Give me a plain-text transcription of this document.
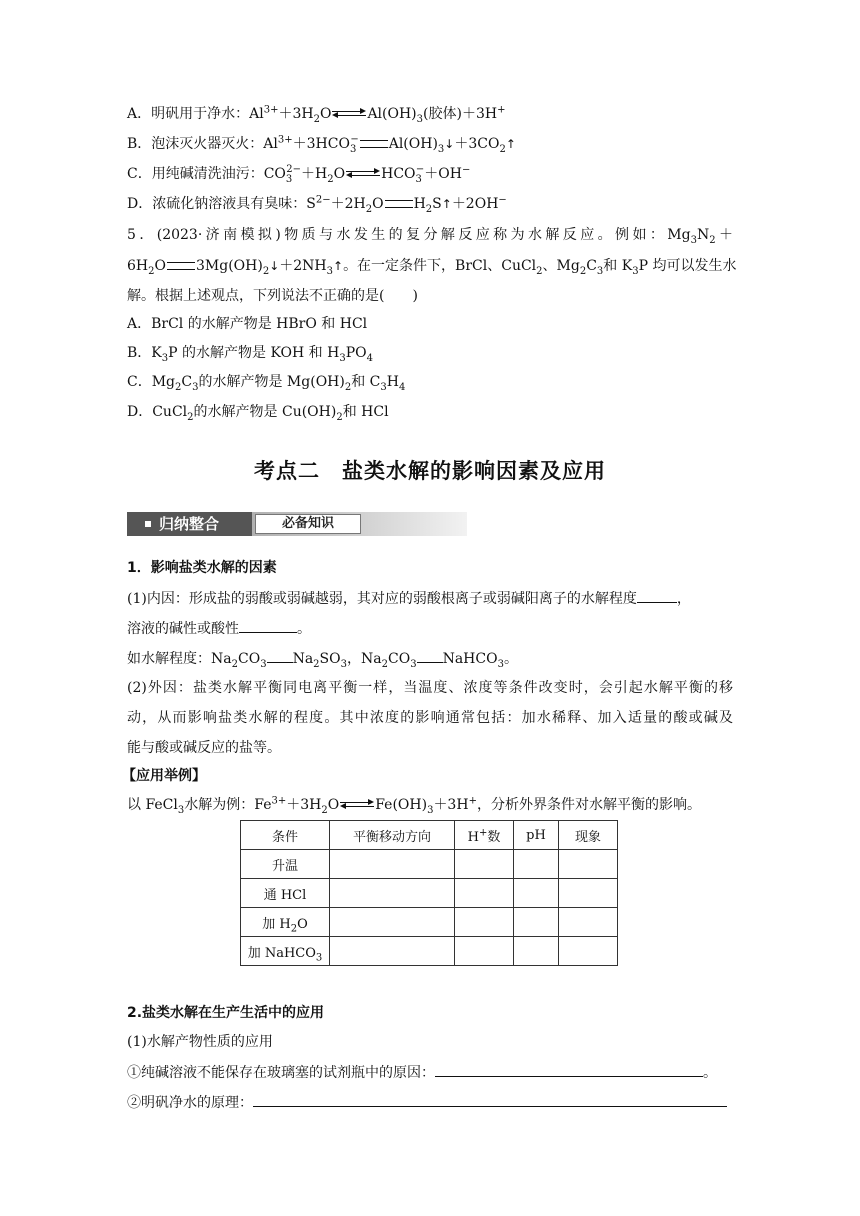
A．明矾用于净水：$Al^{3+}+3H_2O$	$Al(OH)_3$(胶体)＋3H+
B．泡沫灭火器灭火：$Al^{3+}+3HCO_3^-$ $Al(OH)_3↓+3CO_2↑$
C．用纯碱清洗油污：$CO_3^{2-}+H_2O$	$HCO_3^-+OH^-$
D．浓硫化钠溶液具有臭味：$S^{2-}+2H_2O$ $H_2S↑+2OH^-$
5．(2023·济南模拟)物质与水发生的复分解反应称为水解反应。例如：$Mg_3N_2+$
$6H_2O$ $3Mg(OH)_2↓+2NH_3↑$。在一定条件下，BrCl、CuCl$_2$、$Mg_2C_3$和 $K_3P$ 均可以发生水
解。根据上述观点，下列说法不正确的是(　　)
A．BrCl 的水解产物是 HBrO 和 HCl
B．$K_3P$ 的水解产物是 KOH 和 $H_3PO_4$
C．$Mg_2C_3$的水解产物是 $Mg(OH)_2$和 $C_3H_4$
D．CuCl$_2$的水解产物是 $Cu(OH)_2$和 HCl
考点二　盐类水解的影响因素及应用
归纳整合	必备知识
1．影响盐类水解的因素
(1)内因：形成盐的弱酸或弱碱越弱，其对应的弱酸根离子或弱碱阳离子的水解程度	，
溶液的碱性或酸性	。
如水解程度：$Na_2CO_3$ $Na_2SO_3$，$Na_2CO_3$ NaHCO$_3$。
(2)外因：盐类水解平衡同电离平衡一样，当温度、浓度等条件改变时，会引起水解平衡的移
动，从而影响盐类水解的程度。其中浓度的影响通常包括：加水稀释、加入适量的酸或碱及
能与酸或碱反应的盐等。
【应用举例】
以 FeCl$_3$水解为例：$Fe^{3+}+3H_2O$	$Fe(OH)_3+3H^+$，分析外界条件对水解平衡的影响。
条件	平衡移动方向	H+数	pH	现象
升温				
通 HCl				
加 $H_2O$				
加 NaHCO$_3$				
2.盐类水解在生产生活中的应用
(1)水解产物性质的应用
①纯碱溶液不能保存在玻璃塞的试剂瓶中的原因：	。
②明矾净水的原理：
